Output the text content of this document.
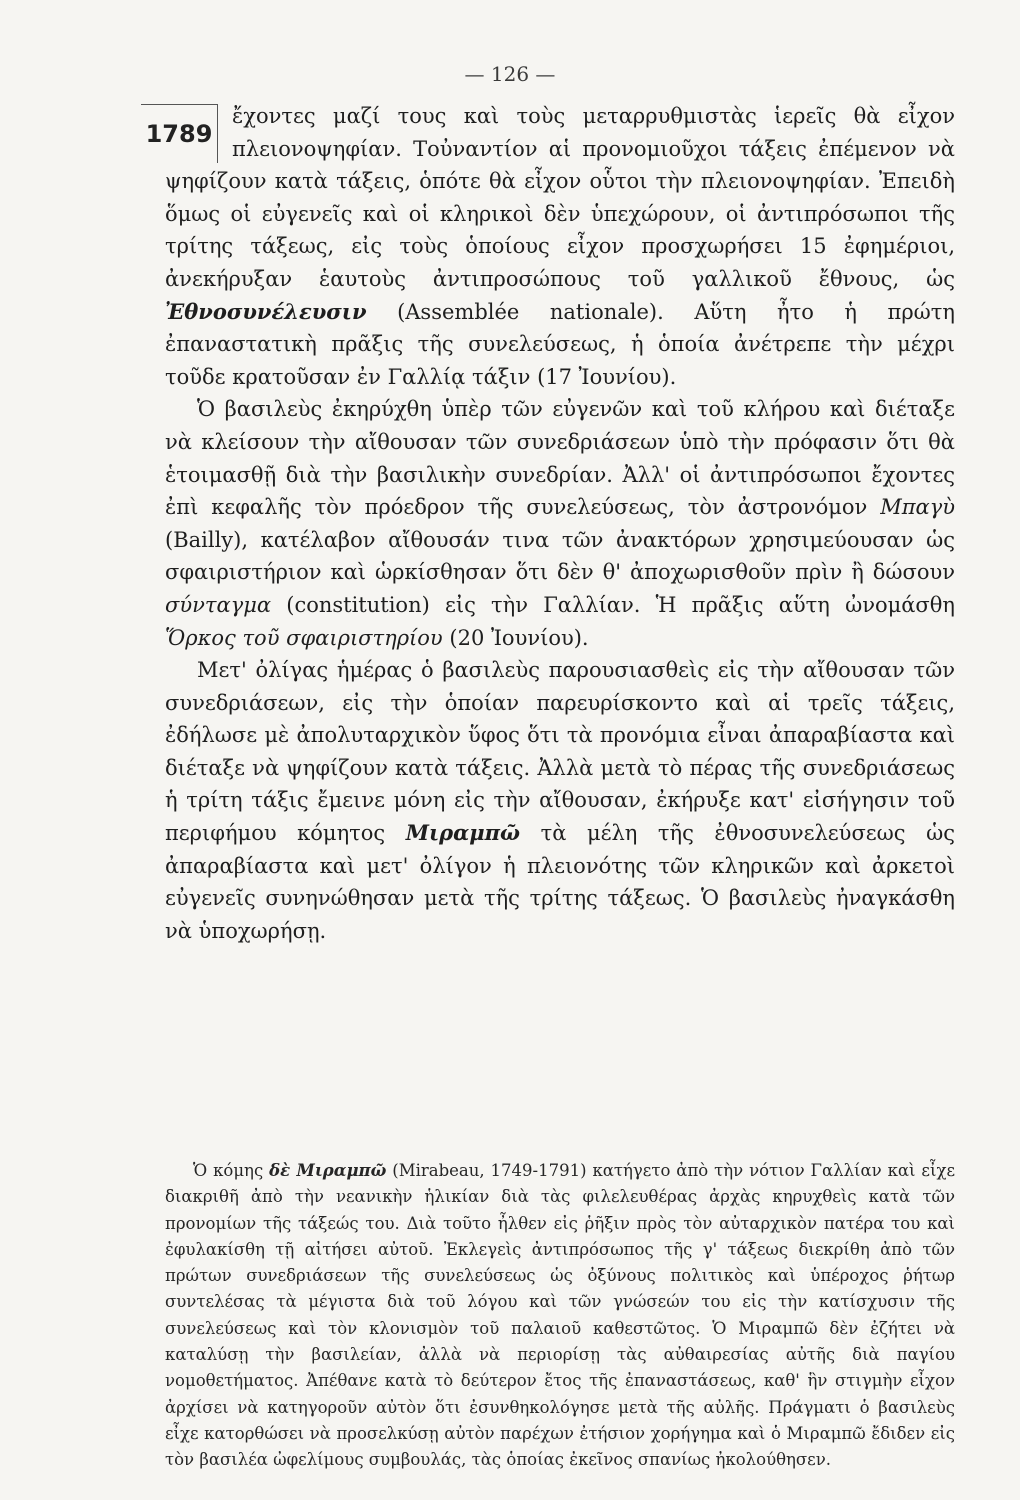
— 126 —

1789
ἔχοντες μαζί τους καὶ τοὺς μεταρρυθμιστὰς ἱερεῖς θὰ εἶχον πλειονοψηφίαν. Τοὐναντίον αἱ προνομιοῦχοι τάξεις ἐπέμενον νὰ ψηφίζουν κατὰ τάξεις, ὁπότε θὰ εἶχον οὗτοι τὴν πλειονοψηφίαν. Ἐπειδὴ ὅμως οἱ εὐγενεῖς καὶ οἱ κληρικοὶ δὲν ὑπεχώρουν, οἱ ἀντιπρόσωποι τῆς τρίτης τάξεως, εἰς τοὺς ὁποίους εἶχον προσχωρήσει 15 ἐφημέριοι, ἀνεκήρυξαν ἑαυτοὺς ἀντιπροσώπους τοῦ γαλλικοῦ ἔθνους, ὡς Ἐθνοσυνέλευσιν (Assemblée nationale). Αὕτη ἦτο ἡ πρώτη ἐπαναστατικὴ πρᾶξις τῆς συνελεύσεως, ἡ ὁποία ἀνέτρεπε τὴν μέχρι τοῦδε κρατοῦσαν ἐν Γαλλίᾳ τάξιν (17 Ἰουνίου).

Ὁ βασιλεὺς ἐκηρύχθη ὑπὲρ τῶν εὐγενῶν καὶ τοῦ κλήρου καὶ διέταξε νὰ κλείσουν τὴν αἴθουσαν τῶν συνεδριάσεων ὑπὸ τὴν πρόφασιν ὅτι θὰ ἑτοιμασθῇ διὰ τὴν βασιλικὴν συνεδρίαν. Ἀλλ' οἱ ἀντιπρόσωποι ἔχοντες ἐπὶ κεφαλῆς τὸν πρόεδρον τῆς συνελεύσεως, τὸν ἀστρονόμον Μπαγὺ (Bailly), κατέλαβον αἴθουσάν τινα τῶν ἀνακτόρων χρησιμεύουσαν ὡς σφαιριστήριον καὶ ὡρκίσθησαν ὅτι δὲν θ' ἀποχωρισθοῦν πρὶν ἢ δώσουν σύνταγμα (constitution) εἰς τὴν Γαλλίαν. Ἡ πρᾶξις αὕτη ὠνομάσθη Ὅρκος τοῦ σφαιριστηρίου (20 Ἰουνίου).

Μετ' ὀλίγας ἡμέρας ὁ βασιλεὺς παρουσιασθεὶς εἰς τὴν αἴθουσαν τῶν συνεδριάσεων, εἰς τὴν ὁποίαν παρευρίσκοντο καὶ αἱ τρεῖς τάξεις, ἐδήλωσε μὲ ἀπολυταρχικὸν ὕφος ὅτι τὰ προνόμια εἶναι ἀπαραβίαστα καὶ διέταξε νὰ ψηφίζουν κατὰ τάξεις. Ἀλλὰ μετὰ τὸ πέρας τῆς συνεδριάσεως ἡ τρίτη τάξις ἔμεινε μόνη εἰς τὴν αἴθουσαν, ἐκήρυξε κατ' εἰσήγησιν τοῦ περιφήμου κόμητος Μιραμπῶ τὰ μέλη τῆς ἐθνοσυνελεύσεως ὡς ἀπαραβίαστα καὶ μετ' ὀλίγον ἡ πλειονότης τῶν κληρικῶν καὶ ἀρκετοὶ εὐγενεῖς συνηνώθησαν μετὰ τῆς τρίτης τάξεως. Ὁ βασιλεὺς ἠναγκάσθη νὰ ὑποχωρήσῃ.

Ὁ κόμης δὲ Μιραμπῶ (Mirabeau, 1749-1791) κατήγετο ἀπὸ τὴν νότιον Γαλλίαν καὶ εἶχε διακριθῆ ἀπὸ τὴν νεανικὴν ἡλικίαν διὰ τὰς φιλελευθέρας ἀρχὰς κηρυχθεὶς κατὰ τῶν προνομίων τῆς τάξεώς του. Διὰ τοῦτο ἦλθεν εἰς ῥῆξιν πρὸς τὸν αὐταρχικὸν πατέρα του καὶ ἐφυλακίσθη τῇ αἰτήσει αὐτοῦ. Ἐκλεγεὶς ἀντιπρόσωπος τῆς γ' τάξεως διεκρίθη ἀπὸ τῶν πρώτων συνεδριάσεων τῆς συνελεύσεως ὡς ὀξύνους πολιτικὸς καὶ ὑπέροχος ῥήτωρ συντελέσας τὰ μέγιστα διὰ τοῦ λόγου καὶ τῶν γνώσεών του εἰς τὴν κατίσχυσιν τῆς συνελεύσεως καὶ τὸν κλονισμὸν τοῦ παλαιοῦ καθεστῶτος. Ὁ Μιραμπῶ δὲν ἐζήτει νὰ καταλύσῃ τὴν βασιλείαν, ἀλλὰ νὰ περιορίσῃ τὰς αὐθαιρεσίας αὐτῆς διὰ παγίου νομοθετήματος. Ἀπέθανε κατὰ τὸ δεύτερον ἔτος τῆς ἐπαναστάσεως, καθ' ἣν στιγμὴν εἶχον ἀρχίσει νὰ κατηγοροῦν αὐτὸν ὅτι ἐσυνθηκολόγησε μετὰ τῆς αὐλῆς. Πράγματι ὁ βασιλεὺς εἶχε κατορθώσει νὰ προσελκύσῃ αὐτὸν παρέχων ἐτήσιον χορήγημα καὶ ὁ Μιραμπῶ ἔδιδεν εἰς τὸν βασιλέα ὠφελίμους συμβουλάς, τὰς ὁποίας ἐκεῖνος σπανίως ἠκολούθησεν.
